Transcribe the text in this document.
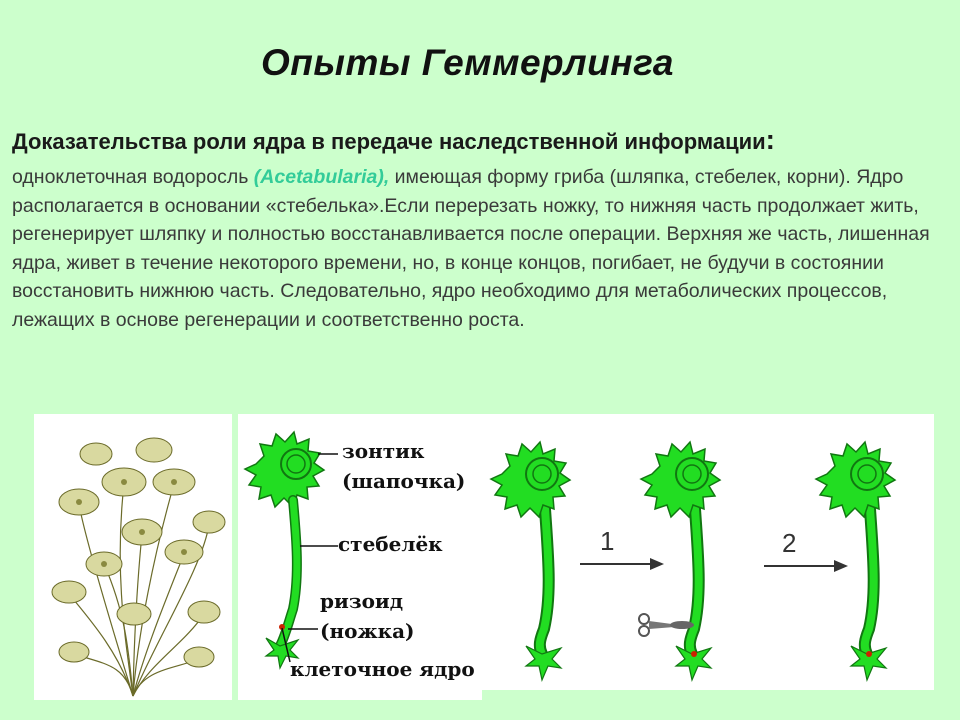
Опыты Геммерлинга
Доказательства роли ядра в передаче наследственной информации:
одноклеточная водоросль (Acetabularia), имеющая форму гриба (шляпка, стебелек, корни). Ядро располагается в основании «стебелька».Если перерезать ножку, то нижняя часть продолжает жить, регенерирует шляпку и полностью восстанавливается после операции. Верхняя же часть, лишенная ядра, живет в течение некоторого времени, но, в конце концов, погибает, не будучи в состоянии восстановить нижнюю часть. Следовательно, ядро необходимо для метаболических процессов, лежащих в основе регенерации и соответственно роста.
зонтик
(шапочка)
стебелёк
ризоид
(ножка)
клеточное ядро
1	2
